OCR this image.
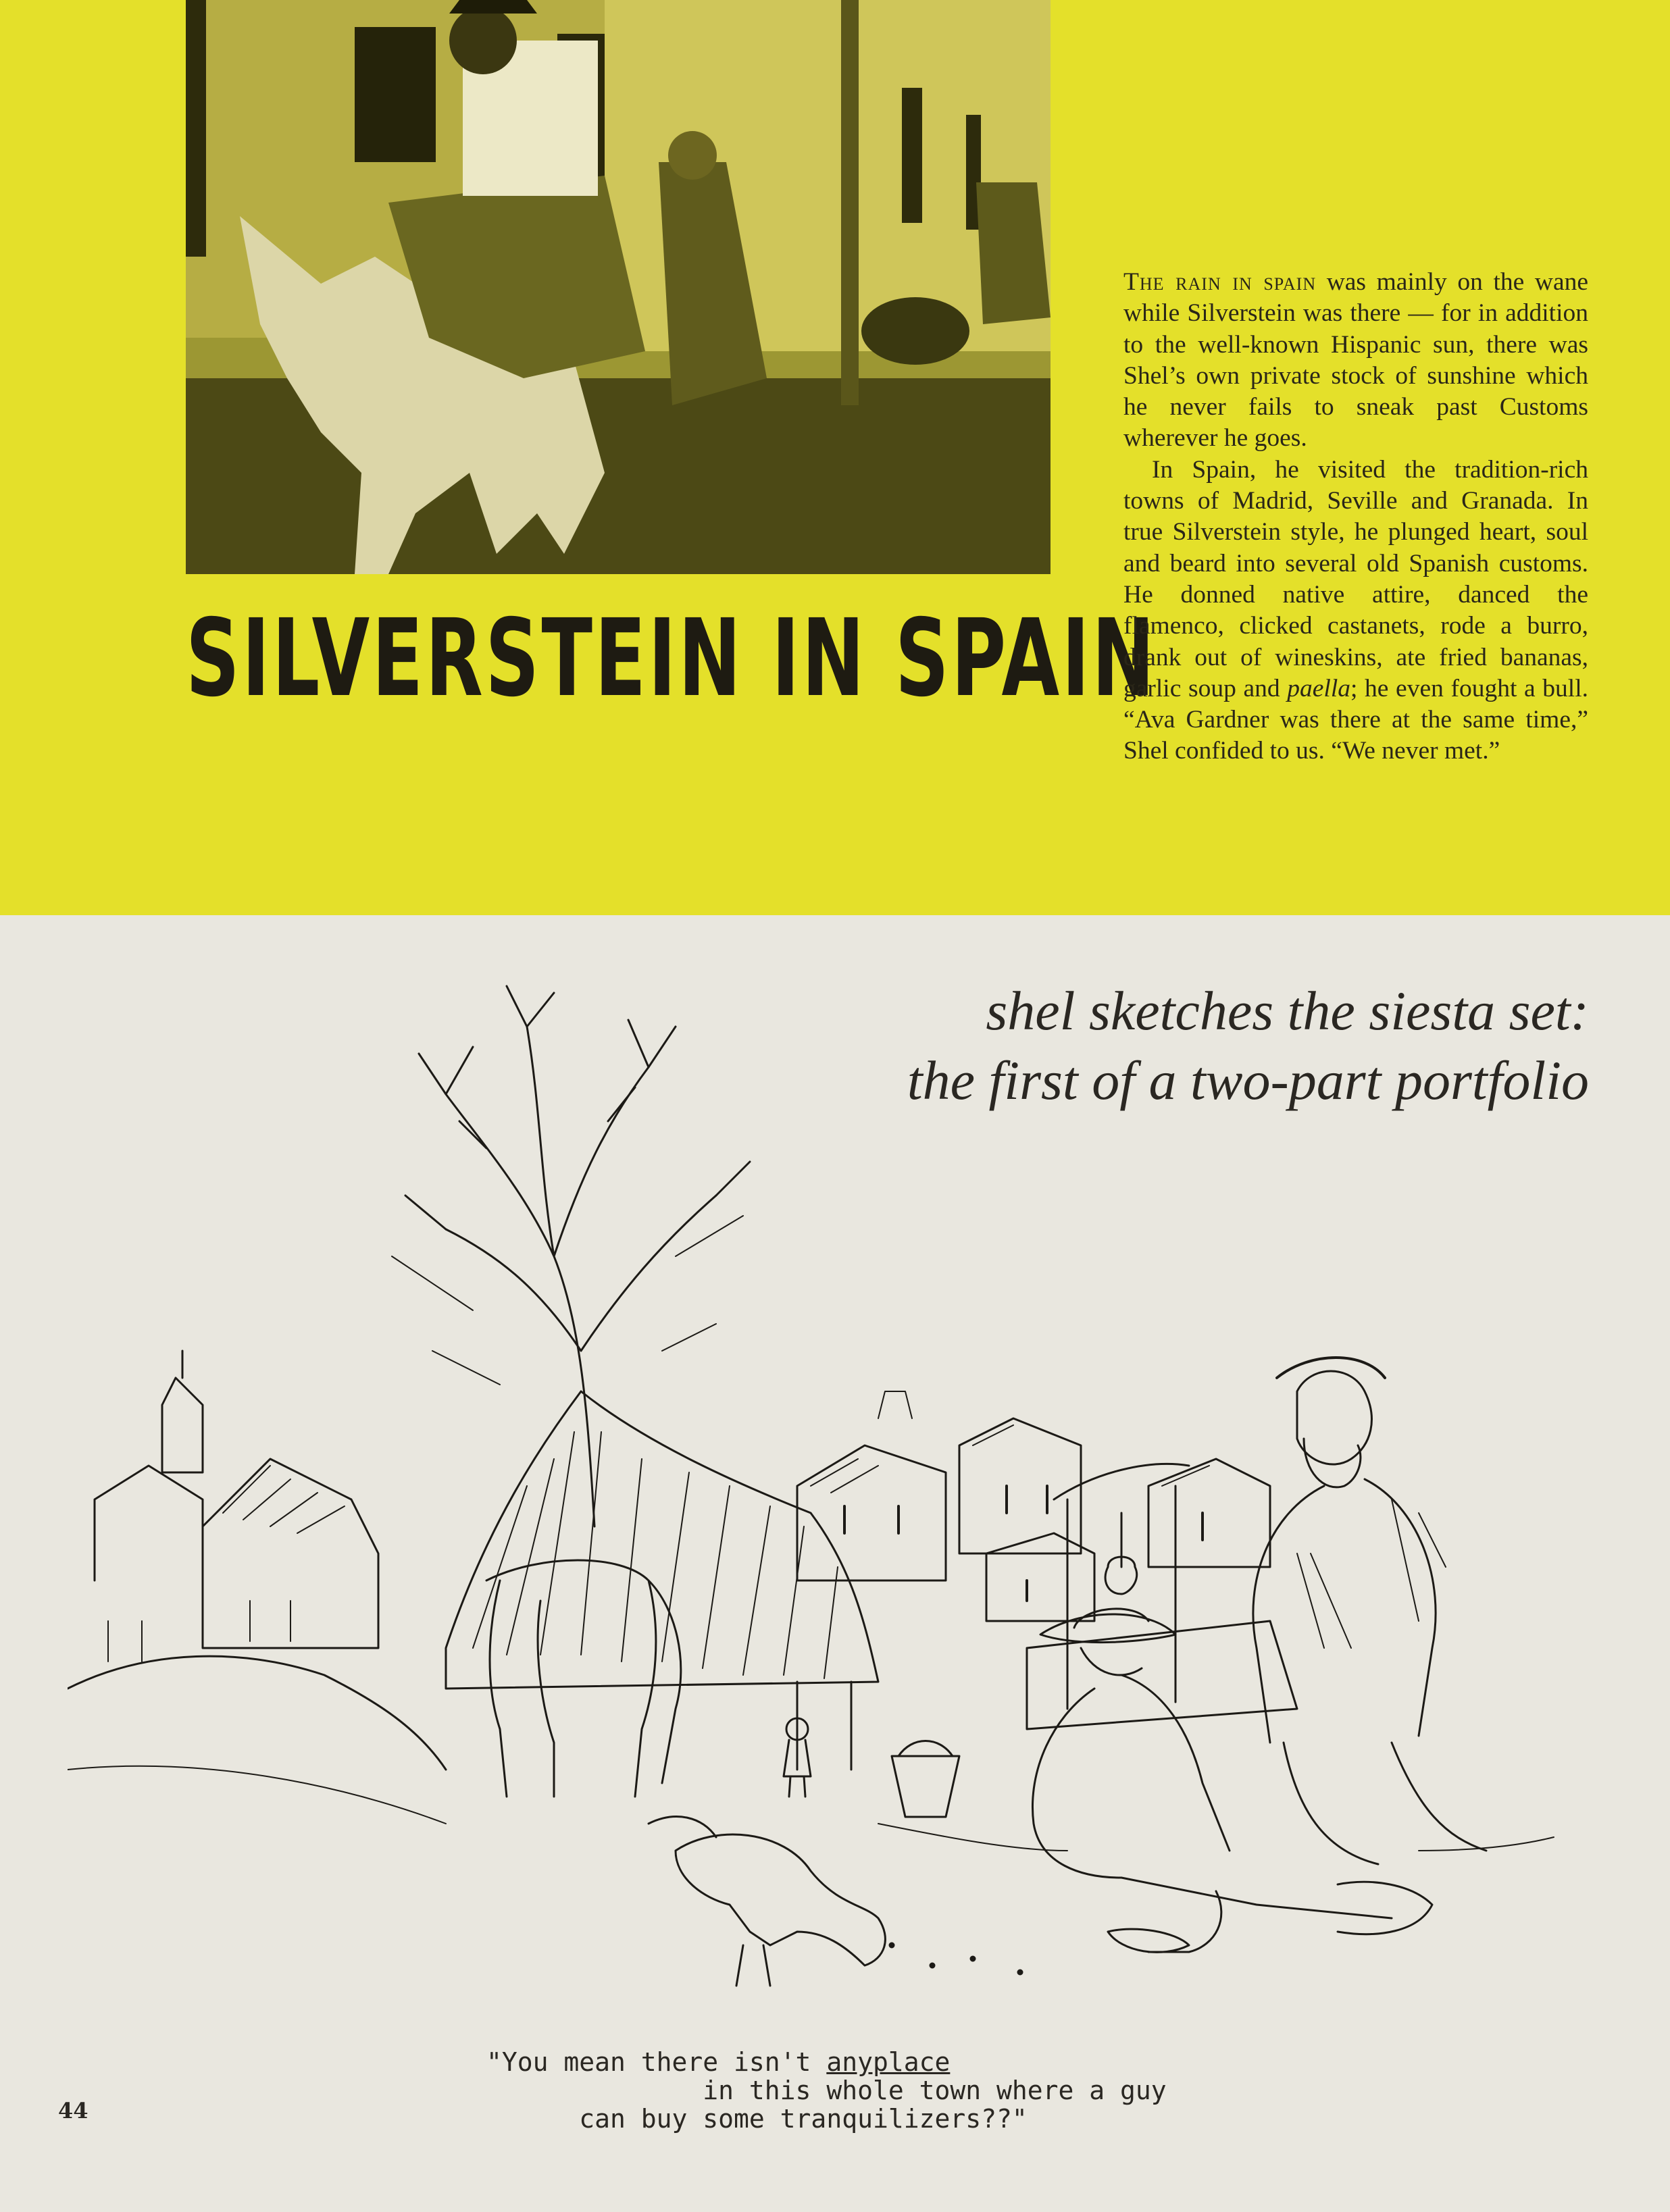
SILVERSTEIN IN SPAIN

The rain in spain was mainly on the wane while Silverstein was there — for in addition to the well-known Hispanic sun, there was Shel’s own private stock of sunshine which he never fails to sneak past Customs wherever he goes.

In Spain, he visited the tradition-rich towns of Madrid, Seville and Granada. In true Silverstein style, he plunged heart, soul and beard into several old Spanish customs. He donned native attire, danced the flamenco, clicked castanets, rode a burro, drank out of wineskins, ate fried bananas, garlic soup and paella; he even fought a bull. “Ava Gardner was there at the same time,” Shel confided to us. “We never met.”

shel sketches the siesta set:
the first of a two-part portfolio
"You mean there isn't anyplace
in this whole town where a guy
can buy some tranquilizers??"
44
